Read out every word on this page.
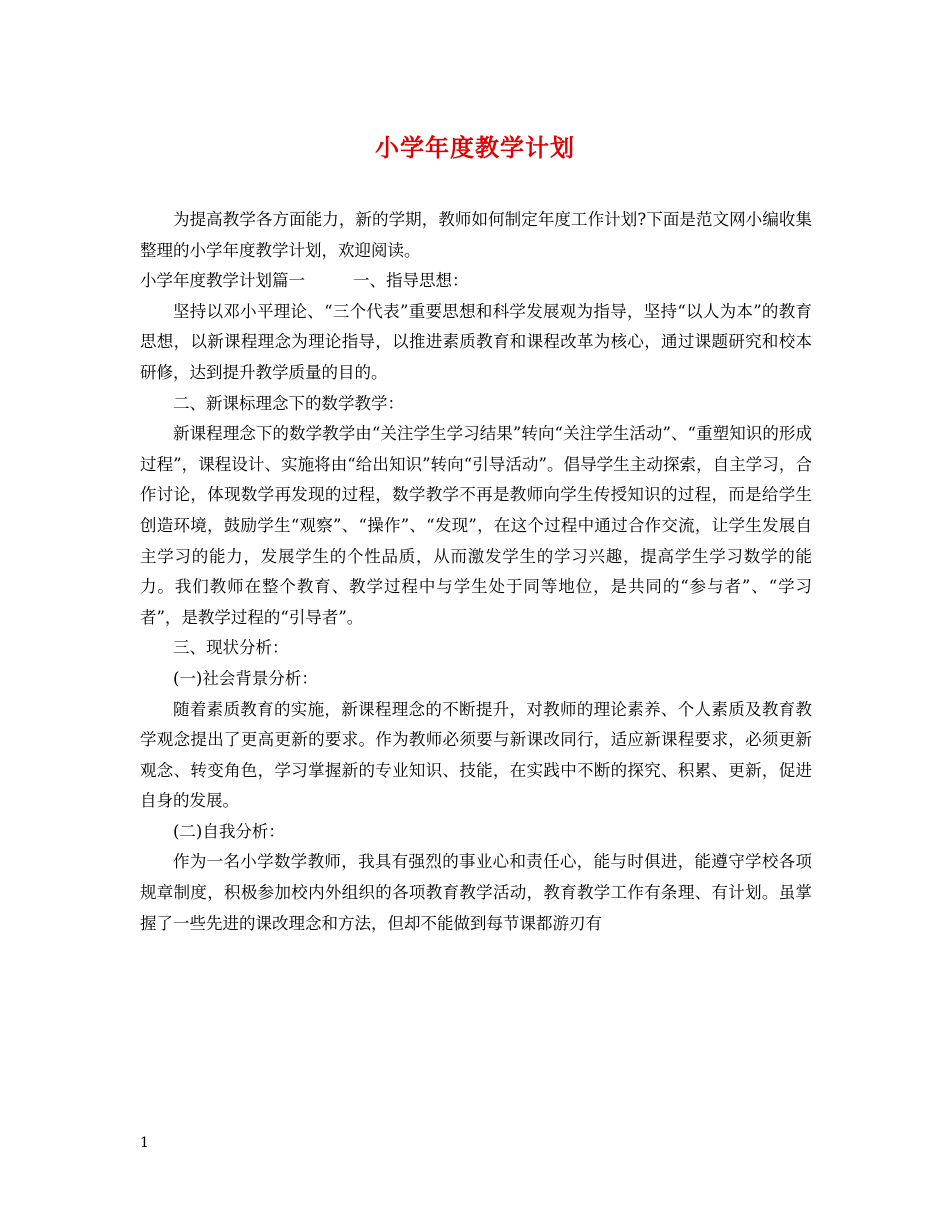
小学年度教学计划

为提高教学各方面能力，新的学期，教师如何制定年度工作计划?下面是范文网小编收集整理的小学年度教学计划，欢迎阅读。

小学年度教学计划篇一	一、指导思想：

坚持以邓小平理论、“三个代表”重要思想和科学发展观为指导，坚持“以人为本”的教育思想，以新课程理念为理论指导，以推进素质教育和课程改革为核心，通过课题研究和校本研修，达到提升教学质量的目的。

二、新课标理念下的数学教学：

新课程理念下的数学教学由“关注学生学习结果”转向“关注学生活动”、“重塑知识的形成过程”，课程设计、实施将由“给出知识”转向“引导活动”。倡导学生主动探索，自主学习，合作讨论，体现数学再发现的过程，数学教学不再是教师向学生传授知识的过程，而是给学生创造环境，鼓励学生“观察”、“操作”、“发现”，在这个过程中通过合作交流，让学生发展自主学习的能力，发展学生的个性品质，从而激发学生的学习兴趣，提高学生学习数学的能力。我们教师在整个教育、教学过程中与学生处于同等地位，是共同的“参与者”、“学习者”，是教学过程的“引导者”。

三、现状分析：

(一)社会背景分析：

随着素质教育的实施，新课程理念的不断提升，对教师的理论素养、个人素质及教育教学观念提出了更高更新的要求。作为教师必须要与新课改同行，适应新课程要求，必须更新观念、转变角色，学习掌握新的专业知识、技能，在实践中不断的探究、积累、更新，促进自身的发展。

(二)自我分析：

作为一名小学数学教师，我具有强烈的事业心和责任心，能与时俱进，能遵守学校各项规章制度，积极参加校内外组织的各项教育教学活动，教育教学工作有条理、有计划。虽掌握了一些先进的课改理念和方法，但却不能做到每节课都游刃有

1
